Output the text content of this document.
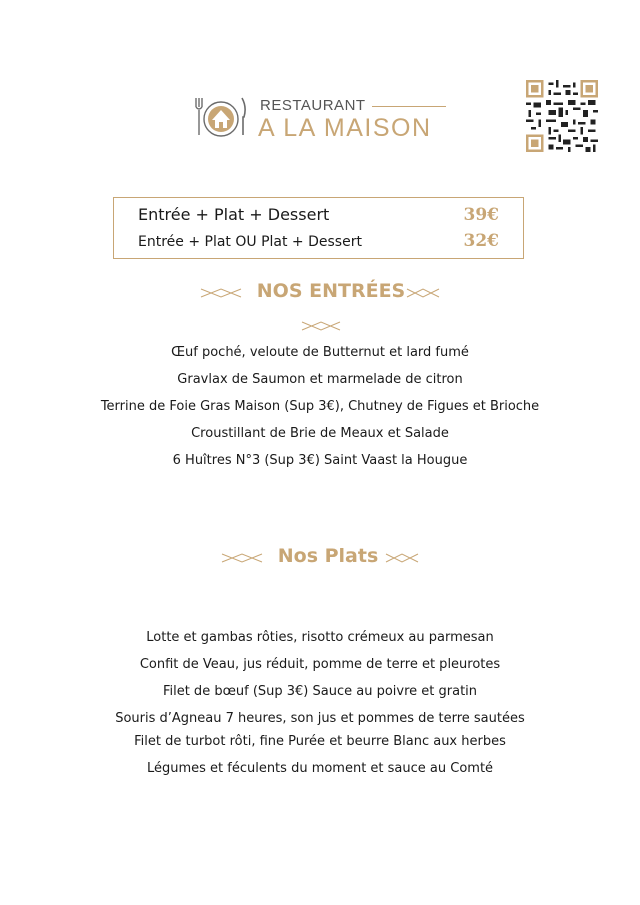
RESTAURANT
A LA MAISON
Entrée + Plat + Dessert	39€
Entrée + Plat OU Plat + Dessert	32€
NOS ENTRÉES
Œuf poché, veloute de Butternut et lard fumé
Gravlax de Saumon et marmelade de citron
Terrine de Foie Gras Maison (Sup 3€), Chutney de Figues et Brioche
Croustillant de Brie de Meaux et Salade
6 Huîtres N°3 (Sup 3€) Saint Vaast la Hougue
Nos Plats
Lotte et gambas rôties, risotto crémeux au parmesan
Confit de Veau, jus réduit, pomme de terre et pleurotes
Filet de bœuf (Sup 3€) Sauce au poivre et gratin
Souris d’Agneau 7 heures, son jus et pommes de terre sautées
Filet de turbot rôti, fine Purée et beurre Blanc aux herbes
Légumes et féculents du moment et sauce au Comté
